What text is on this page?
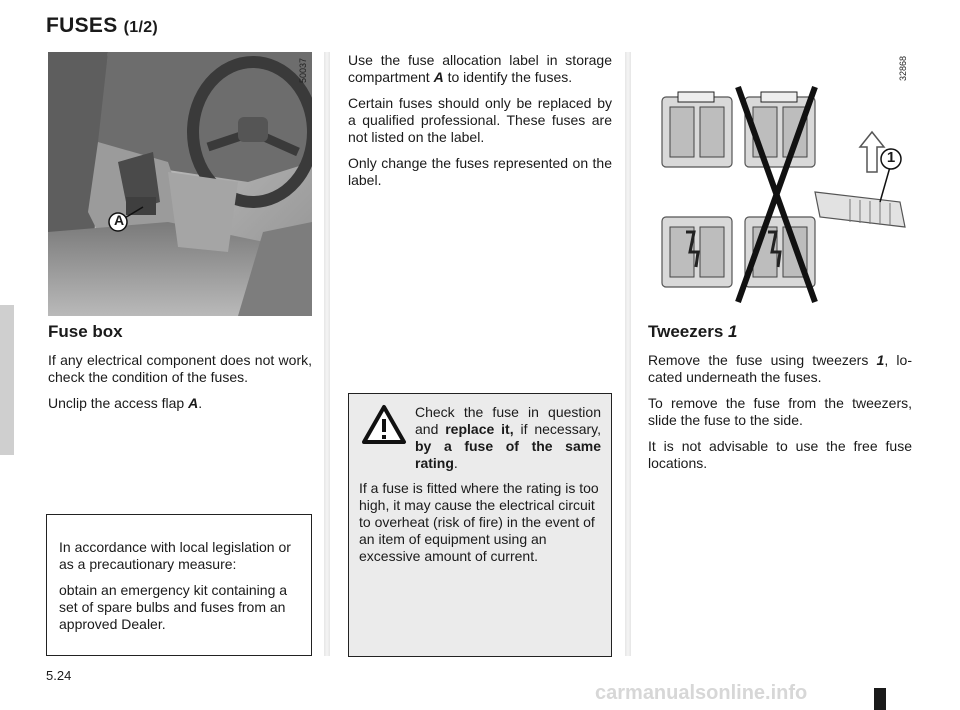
FUSES (1/2)
A
50037
Fuse box

If any electrical component does not work, check the condition of the fuses.

Unclip the access flap A.

In accordance with local legislation or as a precautionary measure:

obtain an emergency kit containing a set of spare bulbs and fuses from an approved Dealer.

Use the fuse allocation label in storage compartment A to identify the fuses.

Certain fuses should only be replaced by a qualified professional. These fuses are not listed on the label.

Only change the fuses represented on the label.

Check the fuse in question and replace it, if necessary, by a fuse of the same rating.

If a fuse is fitted where the rating is too high, it may cause the electrical circuit to overheat (risk of fire) in the event of an item of equipment using an excessive amount of current.

1
32868
Tweezers 1

Remove the fuse using tweezers 1, located underneath the fuses.

To remove the fuse from the tweezers, slide the fuse to the side.

It is not advisable to use the free fuse locations.

5.24
carmanualsonline.info
